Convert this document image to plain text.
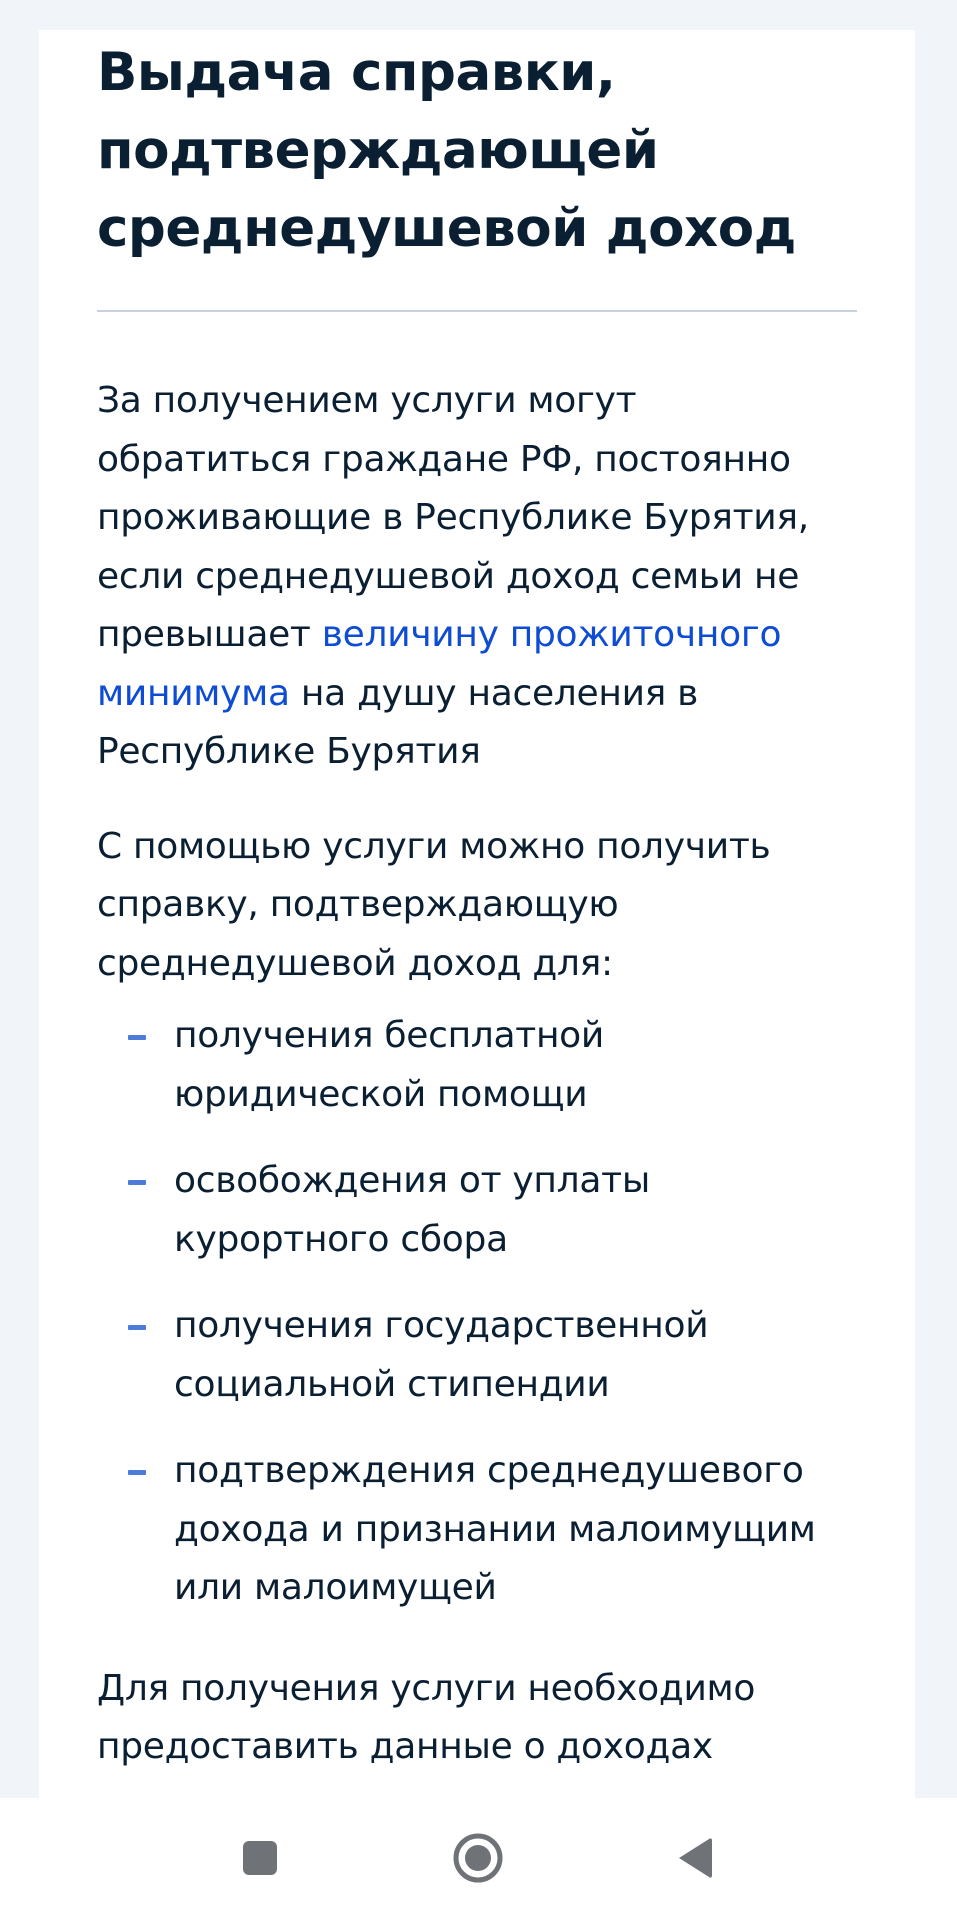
Выдача справки, подтверждающей среднедушевой доход

За получением услуги могут обратиться граждане РФ, постоянно проживающие в Республике Бурятия, если среднедушевой доход семьи не превышает величину прожиточного минимума на душу населения в Республике Бурятия

С помощью услуги можно получить справку, подтверждающую среднедушевой доход для:

получения бесплатной юридической помощи
освобождения от уплаты курортного сбора
получения государственной социальной стипендии
подтверждения среднедушевого дохода и признании малоимущим или малоимущей

Для получения услуги необходимо предоставить данные о доходах
